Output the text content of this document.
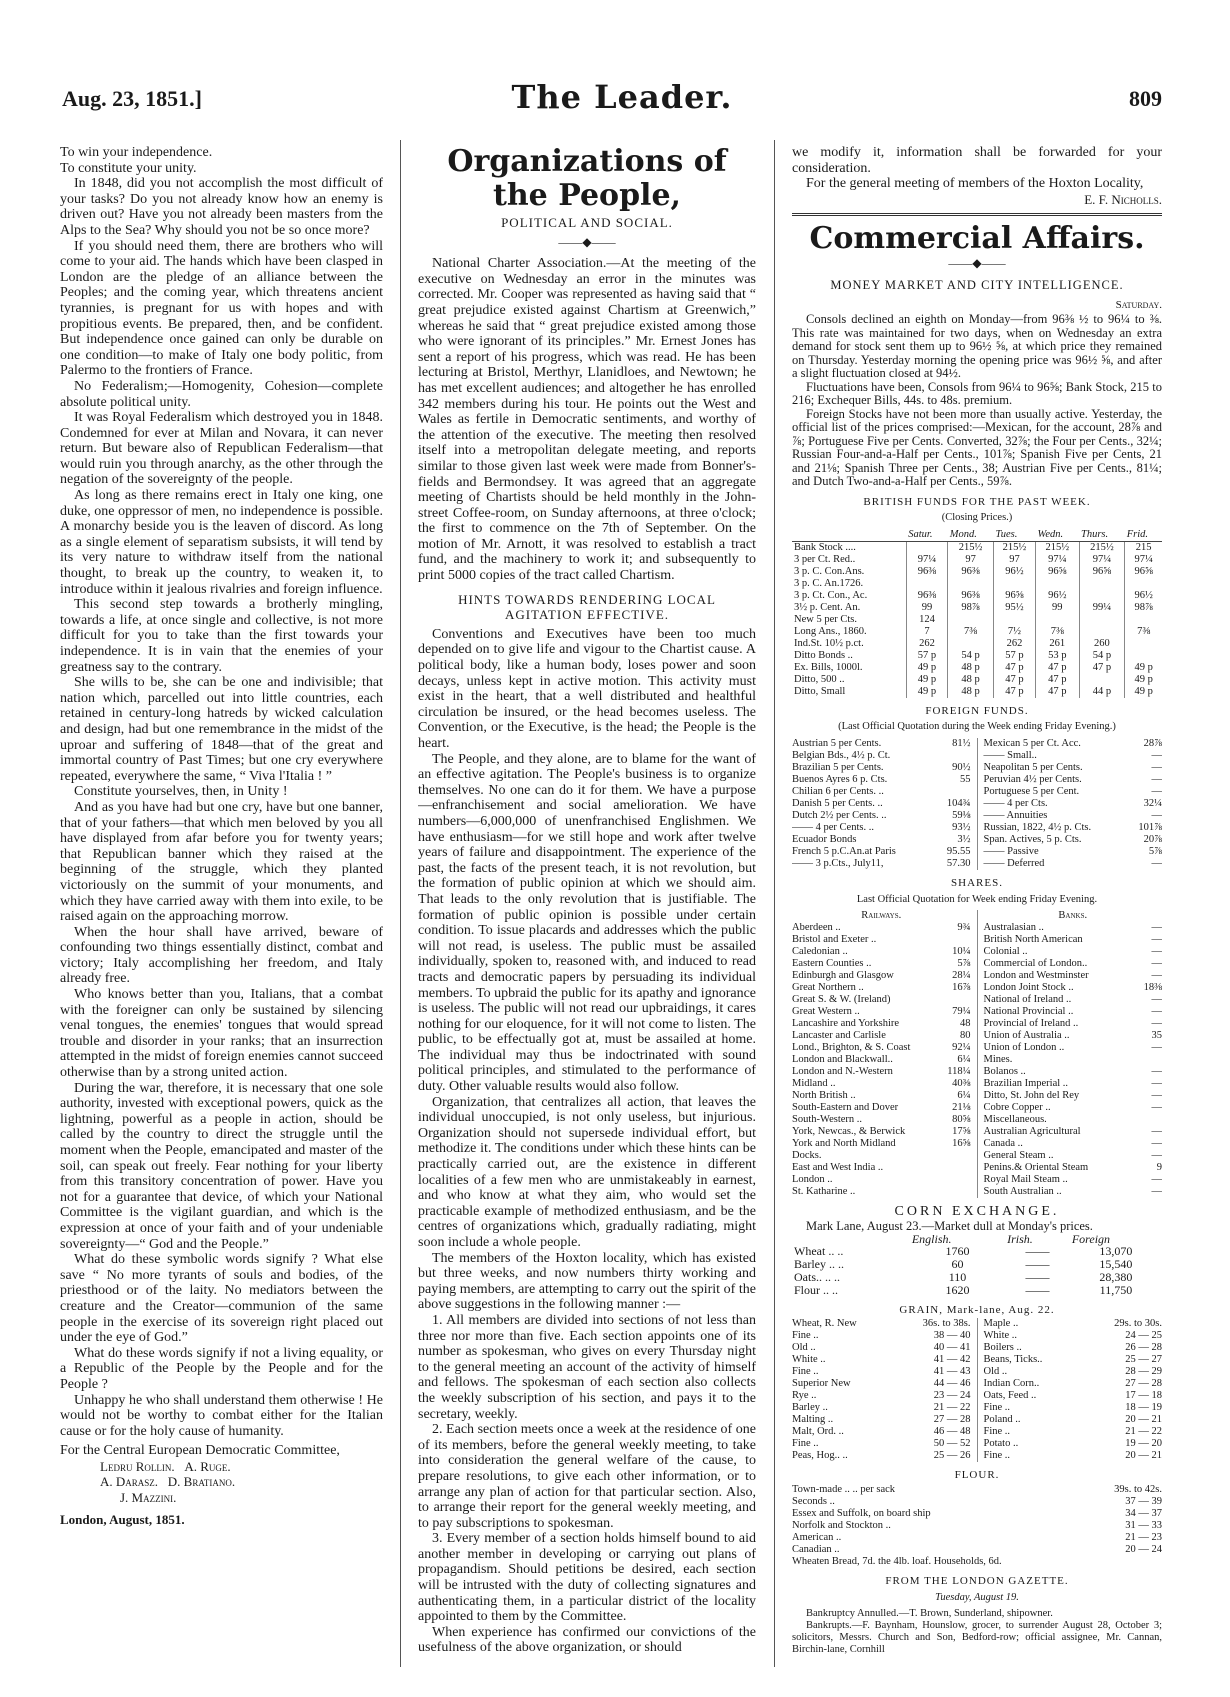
Aug. 23, 1851.]	The Leader.	809

To win your independence.

To constitute your unity.

In 1848, did you not accomplish the most difficult of your tasks? Do you not already know how an enemy is driven out? Have you not already been masters from the Alps to the Sea? Why should you not be so once more?

If you should need them, there are brothers who will come to your aid. The hands which have been clasped in London are the pledge of an alliance between the Peoples; and the coming year, which threatens ancient tyrannies, is pregnant for us with hopes and with propitious events. Be prepared, then, and be confident. But independence once gained can only be durable on one condition—to make of Italy one body politic, from Palermo to the frontiers of France.

No Federalism;—Homogenity, Cohesion—complete absolute political unity.

It was Royal Federalism which destroyed you in 1848. Condemned for ever at Milan and Novara, it can never return. But beware also of Republican Federalism—that would ruin you through anarchy, as the other through the negation of the sovereignty of the people.

As long as there remains erect in Italy one king, one duke, one oppressor of men, no independence is possible. A monarchy beside you is the leaven of discord. As long as a single element of separatism subsists, it will tend by its very nature to withdraw itself from the national thought, to break up the country, to weaken it, to introduce within it jealous rivalries and foreign influence.

This second step towards a brotherly mingling, towards a life, at once single and collective, is not more difficult for you to take than the first towards your independence. It is in vain that the enemies of your greatness say to the contrary.

She wills to be, she can be one and indivisible; that nation which, parcelled out into little countries, each retained in century-long hatreds by wicked calculation and design, had but one remembrance in the midst of the uproar and suffering of 1848—that of the great and immortal country of Past Times; but one cry everywhere repeated, everywhere the same, “ Viva l'Italia ! ”

Constitute yourselves, then, in Unity !

And as you have had but one cry, have but one banner, that of your fathers—that which men beloved by you all have displayed from afar before you for twenty years; that Republican banner which they raised at the beginning of the struggle, which they planted victoriously on the summit of your monuments, and which they have carried away with them into exile, to be raised again on the approaching morrow.

When the hour shall have arrived, beware of confounding two things essentially distinct, combat and victory; Italy accomplishing her freedom, and Italy already free.

Who knows better than you, Italians, that a combat with the foreigner can only be sustained by silencing venal tongues, the enemies' tongues that would spread trouble and disorder in your ranks; that an insurrection attempted in the midst of foreign enemies cannot succeed otherwise than by a strong united action.

During the war, therefore, it is necessary that one sole authority, invested with exceptional powers, quick as the lightning, powerful as a people in action, should be called by the country to direct the struggle until the moment when the People, emancipated and master of the soil, can speak out freely. Fear nothing for your liberty from this transitory concentration of power. Have you not for a guarantee that device, of which your National Committee is the vigilant guardian, and which is the expression at once of your faith and of your undeniable sovereignty—“ God and the People.”

What do these symbolic words signify ? What else save “ No more tyrants of souls and bodies, of the priesthood or of the laity. No mediators between the creature and the Creator—communion of the same people in the exercise of its sovereign right placed out under the eye of God.”

What do these words signify if not a living equality, or a Republic of the People by the People and for the People ?

Unhappy he who shall understand them otherwise ! He would not be worthy to combat either for the Italian cause or for the holy cause of humanity.

For the Central European Democratic Committee,

Ledru Rollin. A. Ruge.
A. Darasz. D. Bratiano.
J. Mazzini.
London, August, 1851.
Organizations of the People,
POLITICAL AND SOCIAL.
——◆——

National Charter Association.—At the meeting of the executive on Wednesday an error in the minutes was corrected. Mr. Cooper was represented as having said that “ great prejudice existed against Chartism at Greenwich,” whereas he said that “ great prejudice existed among those who were ignorant of its principles.” Mr. Ernest Jones has sent a report of his progress, which was read. He has been lecturing at Bristol, Merthyr, Llanidloes, and Newtown; he has met excellent audiences; and altogether he has enrolled 342 members during his tour. He points out the West and Wales as fertile in Democratic sentiments, and worthy of the attention of the executive. The meeting then resolved itself into a metropolitan delegate meeting, and reports similar to those given last week were made from Bonner's-fields and Bermondsey. It was agreed that an aggregate meeting of Chartists should be held monthly in the John-street Coffee-room, on Sunday afternoons, at three o'clock; the first to commence on the 7th of September. On the motion of Mr. Arnott, it was resolved to establish a tract fund, and the machinery to work it; and subsequently to print 5000 copies of the tract called Chartism.

HINTS TOWARDS RENDERING LOCAL AGITATION EFFECTIVE.

Conventions and Executives have been too much depended on to give life and vigour to the Chartist cause. A political body, like a human body, loses power and soon decays, unless kept in active motion. This activity must exist in the heart, that a well distributed and healthful circulation be insured, or the head becomes useless. The Convention, or the Executive, is the head; the People is the heart.

The People, and they alone, are to blame for the want of an effective agitation. The People's business is to organize themselves. No one can do it for them. We have a purpose—enfranchisement and social amelioration. We have numbers—6,000,000 of unenfranchised Englishmen. We have enthusiasm—for we still hope and work after twelve years of failure and disappointment. The experience of the past, the facts of the present teach, it is not revolution, but the formation of public opinion at which we should aim. That leads to the only revolution that is justifiable. The formation of public opinion is possible under certain condition. To issue placards and addresses which the public will not read, is useless. The public must be assailed individually, spoken to, reasoned with, and induced to read tracts and democratic papers by persuading its individual members. To upbraid the public for its apathy and ignorance is useless. The public will not read our upbraidings, it cares nothing for our eloquence, for it will not come to listen. The public, to be effectually got at, must be assailed at home. The individual may thus be indoctrinated with sound political principles, and stimulated to the performance of duty. Other valuable results would also follow.

Organization, that centralizes all action, that leaves the individual unoccupied, is not only useless, but injurious. Organization should not supersede individual effort, but methodize it. The conditions under which these hints can be practically carried out, are the existence in different localities of a few men who are unmistakeably in earnest, and who know at what they aim, who would set the practicable example of methodized enthusiasm, and be the centres of organizations which, gradually radiating, might soon include a whole people.

The members of the Hoxton locality, which has existed but three weeks, and now numbers thirty working and paying members, are attempting to carry out the spirit of the above suggestions in the following manner :—

1. All members are divided into sections of not less than three nor more than five. Each section appoints one of its number as spokesman, who gives on every Thursday night to the general meeting an account of the activity of himself and fellows. The spokesman of each section also collects the weekly subscription of his section, and pays it to the secretary, weekly.

2. Each section meets once a week at the residence of one of its members, before the general weekly meeting, to take into consideration the general welfare of the cause, to prepare resolutions, to give each other information, or to arrange any plan of action for that particular section. Also, to arrange their report for the general weekly meeting, and to pay subscriptions to spokesman.

3. Every member of a section holds himself bound to aid another member in developing or carrying out plans of propagandism. Should petitions be desired, each section will be intrusted with the duty of collecting signatures and authenticating them, in a particular district of the locality appointed to them by the Committee.

When experience has confirmed our convictions of the usefulness of the above organization, or should

we modify it, information shall be forwarded for your consideration.

For the general meeting of members of the Hoxton Locality,

E. F. Nicholls.
Commercial Affairs.
——◆——
MONEY MARKET AND CITY INTELLIGENCE.
Saturday.

Consols declined an eighth on Monday—from 96⅜ ½ to 96¼ to ⅜. This rate was maintained for two days, when on Wednesday an extra demand for stock sent them up to 96½ ⅝, at which price they remained on Thursday. Yesterday morning the opening price was 96½ ⅝, and after a slight fluctuation closed at 94½.

Fluctuations have been, Consols from 96¼ to 96⅝; Bank Stock, 215 to 216; Exchequer Bills, 44s. to 48s. premium.

Foreign Stocks have not been more than usually active. Yesterday, the official list of the prices comprised:—Mexican, for the account, 28⅞ and ⅞; Portuguese Five per Cents. Converted, 32⅞; the Four per Cents., 32¼; Russian Four-and-a-Half per Cents., 101⅞; Spanish Five per Cents, 21 and 21⅛; Spanish Three per Cents., 38; Austrian Five per Cents., 81¼; and Dutch Two-and-a-Half per Cents., 59⅞.

BRITISH FUNDS FOR THE PAST WEEK.
(Closing Prices.)
	Satur.	Mond.	Tues.	Wedn.	Thurs.	Frid.
Bank Stock ....		215½	215½	215½	215½	215
3 per Ct. Red..	97¼	97	97	97¼	97¼	97¼
3 p. C. Con.Ans.	96⅜	96⅜	96½	96⅝	96⅝	96⅝
3 p. C. An.1726.						
3 p. Ct. Con., Ac.	96⅜	96⅜	96⅝	96½		96½
3½ p. Cent. An.	99	98⅞	95½	99	99¼	98⅞
New 5 per Cts.	124					
Long Ans., 1860.	7	7⅜	7½	7⅜		7⅜
Ind.St. 10½ p.ct.	262		262	261	260	
Ditto Bonds ..	57 p	54 p	57 p	53 p	54 p	
Ex. Bills, 1000l.	49 p	48 p	47 p	47 p	47 p	49 p
Ditto, 500 ..	49 p	48 p	47 p	47 p		49 p
Ditto, Small	49 p	48 p	47 p	47 p	44 p	49 p
FOREIGN FUNDS.
(Last Official Quotation during the Week ending Friday Evening.)
Austrian 5 per Cents.	81½
Belgian Bds., 4½ p. Ct.
Brazilian 5 per Cents.	90½
Buenos Ayres 6 p. Cts.	55
Chilian 6 per Cents. ..
Danish 5 per Cents. ..	104¾
Dutch 2½ per Cents. ..	59⅛
—— 4 per Cents. ..	93½
Ecuador Bonds	3½
French 5 p.C.An.at Paris	95.55
—— 3 p.Cts., July11,	57.30
Mexican 5 per Ct. Acc.	28⅞
—— Small..	—
Neapolitan 5 per Cents.	—
Peruvian 4½ per Cents.	—
Portuguese 5 per Cent.	—
—— 4 per Cts.	32¼
—— Annuities	—
Russian, 1822, 4½ p. Cts.	101⅞
Span. Actives, 5 p. Cts.	20⅞
—— Passive	5⅞
—— Deferred	—
SHARES.
Last Official Quotation for Week ending Friday Evening.
Railways.
Aberdeen ..	9¾
Bristol and Exeter ..
Caledonian ..	10¼
Eastern Counties ..	5⅞
Edinburgh and Glasgow	28¼
Great Northern ..	16⅞
Great S. & W. (Ireland)
Great Western ..	79¼
Lancashire and Yorkshire	48
Lancaster and Carlisle	80
Lond., Brighton, & S. Coast	92¼
London and Blackwall..	6¼
London and N.-Western	118¼
Midland ..	40⅜
North British ..	6¼
South-Eastern and Dover	21⅛
South-Western ..	80⅝
York, Newcas., & Berwick	17⅝
York and North Midland	16⅝
Docks.
East and West India ..
London ..
St. Katharine ..
Banks.
Australasian ..	—
British North American	—
Colonial ..	—
Commercial of London..	—
London and Westminster	—
London Joint Stock ..	18⅜
National of Ireland ..	—
National Provincial ..	—
Provincial of Ireland ..	—
Union of Australia ..	35
Union of London ..	—
Mines.
Bolanos ..	—
Brazilian Imperial ..	—
Ditto, St. John del Rey	—
Cobre Copper ..	—
Miscellaneous.
Australian Agricultural	—
Canada ..	—
General Steam ..	—
Penins.& Oriental Steam	9
Royal Mail Steam ..	—
South Australian ..	—
CORN EXCHANGE.

Mark Lane, August 23.—Market dull at Monday's prices.

	English.	Irish.	Foreign
Wheat .. ..	1760	——	13,070
Barley .. ..	60	——	15,540
Oats.. .. ..	110	——	28,380
Flour .. ..	1620	——	11,750
GRAIN, Mark-lane, Aug. 22.
Wheat, R. New	36s. to 38s.
Fine ..	38 — 40
Old ..	40 — 41
White ..	41 — 42
Fine ..	41 — 43
Superior New	44 — 46
Rye ..	23 — 24
Barley ..	21 — 22
Malting ..	27 — 28
Malt, Ord. ..	46 — 48
Fine ..	50 — 52
Peas, Hog.. ..	25 — 26
Maple ..	29s. to 30s.
White ..	24 — 25
Boilers ..	26 — 28
Beans, Ticks..	25 — 27
Old ..	28 — 29
Indian Corn..	27 — 28
Oats, Feed ..	17 — 18
Fine ..	18 — 19
Poland ..	20 — 21
Fine ..	21 — 22
Potato ..	19 — 20
Fine ..	20 — 21
FLOUR.
Town-made .. .. per sack	39s. to 42s.
Seconds ..	37 — 39
Essex and Suffolk, on board ship	34 — 37
Norfolk and Stockton ..	31 — 33
American ..	21 — 23
Canadian ..	20 — 24
Wheaten Bread, 7d. the 4lb. loaf. Households, 6d.
FROM THE LONDON GAZETTE.
Tuesday, August 19.

Bankruptcy Annulled.—T. Brown, Sunderland, shipowner.

Bankrupts.—F. Baynham, Hounslow, grocer, to surrender August 28, October 3; solicitors, Messrs. Church and Son, Bedford-row; official assignee, Mr. Cannan, Birchin-lane, Cornhill
